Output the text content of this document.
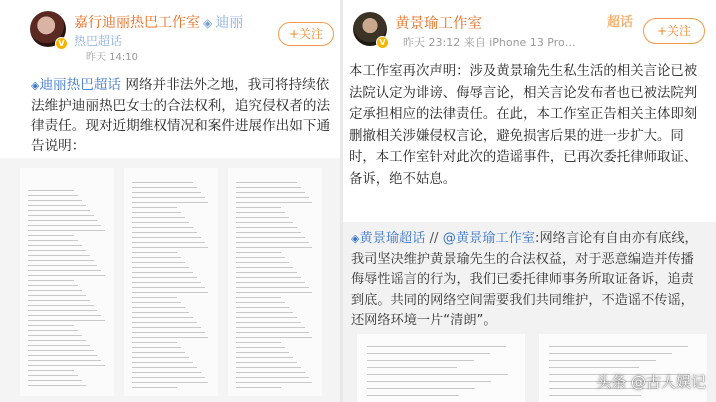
V
嘉行迪丽热巴工作室 ◈ 迪丽
热巴超话
昨天 14:10
+关注
◈迪丽热巴超话 网络并非法外之地，我司将持续依法维护迪丽热巴女士的合法权利，追究侵权者的法律责任。现对近期维权情况和案件进展作出如下通告说明：
V
黄景瑜工作室	超话
昨天 23:12 来自 iPhone 13 Pro…
+关注
本工作室再次声明：涉及黄景瑜先生私生活的相关言论已被法院认定为诽谤、侮辱言论，相关言论发布者也已被法院判定承担相应的法律责任。在此，本工作室正告相关主体即刻删撤相关涉嫌侵权言论，避免损害后果的进一步扩大。同时，本工作室针对此次的造谣事件，已再次委托律师取证、备诉，绝不姑息。
◈黄景瑜超话 // @黄景瑜工作室:网络言论有自由亦有底线，我司坚决维护黄景瑜先生的合法权益，对于恶意编造并传播侮辱性谣言的行为，我们已委托律师事务所取证备诉，追责到底。共同的网络空间需要我们共同维护，不造谣不传谣，还网络环境一片“清朗”。
头条 @古人娱记
